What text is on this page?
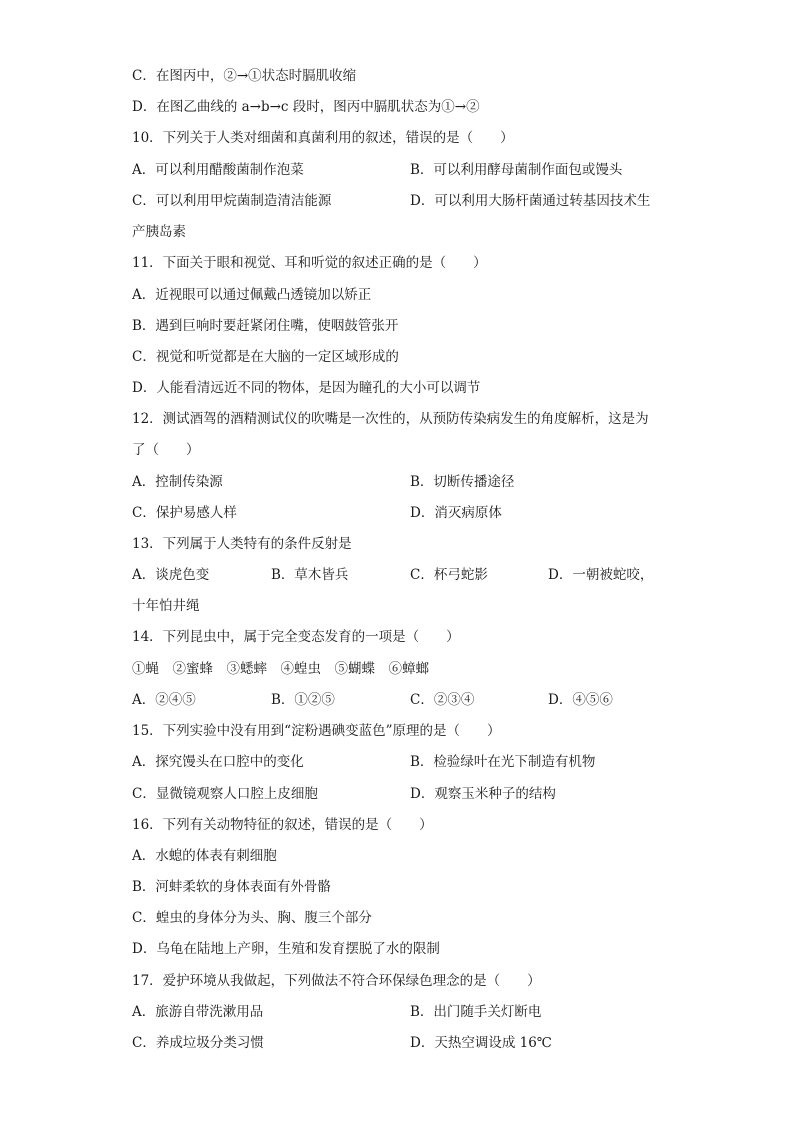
C．在图丙中，②→①状态时膈肌收缩
D．在图乙曲线的 a→b→c 段时，图丙中膈肌状态为①→②
10．下列关于人类对细菌和真菌利用的叙述，错误的是（　　）
A．可以利用醋酸菌制作泡菜	B．可以利用酵母菌制作面包或馒头
C．可以利用甲烷菌制造清洁能源	D．可以利用大肠杆菌通过转基因技术生
产胰岛素
11．下面关于眼和视觉、耳和听觉的叙述正确的是（　　）
A．近视眼可以通过佩戴凸透镜加以矫正
B．遇到巨响时要赶紧闭住嘴，使咽鼓管张开
C．视觉和听觉都是在大脑的一定区域形成的
D．人能看清远近不同的物体，是因为瞳孔的大小可以调节
12．测试酒驾的酒精测试仪的吹嘴是一次性的，从预防传染病发生的角度解析，这是为
了（　　）
A．控制传染源	B．切断传播途径
C．保护易感人样	D．消灭病原体
13．下列属于人类特有的条件反射是
A．谈虎色变	B．草木皆兵	C．杯弓蛇影	D．一朝被蛇咬，
十年怕井绳
14．下列昆虫中，属于完全变态发育的一项是（　　）
①蝇　②蜜蜂　③蟋蟀　④蝗虫　⑤蝴蝶　⑥蟑螂
A．②④⑤	B．①②⑤	C．②③④	D．④⑤⑥
15．下列实验中没有用到“淀粉遇碘变蓝色”原理的是（　　）
A．探究馒头在口腔中的变化	B．检验绿叶在光下制造有机物
C．显微镜观察人口腔上皮细胞	D．观察玉米种子的结构
16．下列有关动物特征的叙述，错误的是（　　）
A．水螅的体表有刺细胞
B．河蚌柔软的身体表面有外骨骼
C．蝗虫的身体分为头、胸、腹三个部分
D．乌龟在陆地上产卵，生殖和发育摆脱了水的限制
17．爱护环境从我做起，下列做法不符合环保绿色理念的是（　　）
A．旅游自带洗漱用品	B．出门随手关灯断电
C．养成垃圾分类习惯	D．天热空调设成 16℃
